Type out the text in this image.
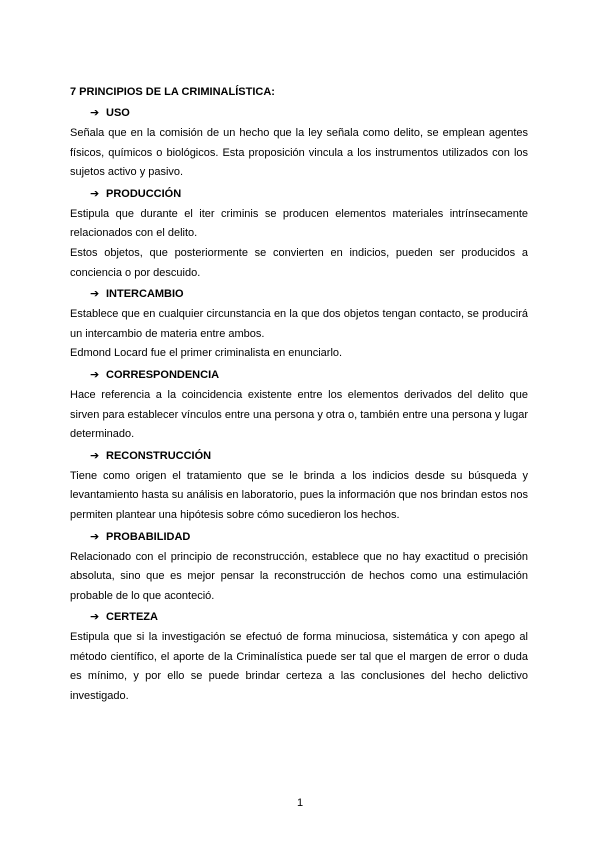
7 PRINCIPIOS DE LA CRIMINALÍSTICA:
➔ USO

Señala que en la comisión de un hecho que la ley señala como delito, se emplean agentes físicos, químicos o biológicos. Esta proposición vincula a los instrumentos utilizados con los sujetos activo y pasivo.

➔ PRODUCCIÓN

Estipula que durante el iter criminis se producen elementos materiales intrínsecamente relacionados con el delito.

Estos objetos, que posteriormente se convierten en indicios, pueden ser producidos a conciencia o por descuido.

➔ INTERCAMBIO

Establece que en cualquier circunstancia en la que dos objetos tengan contacto, se producirá un intercambio de materia entre ambos.

Edmond Locard fue el primer criminalista en enunciarlo.

➔ CORRESPONDENCIA

Hace referencia a la coincidencia existente entre los elementos derivados del delito que sirven para establecer vínculos entre una persona y otra o, también entre una persona y lugar determinado.

➔ RECONSTRUCCIÓN

Tiene como origen el tratamiento que se le brinda a los indicios desde su búsqueda y levantamiento hasta su análisis en laboratorio, pues la información que nos brindan estos nos permiten plantear una hipótesis sobre cómo sucedieron los hechos.

➔ PROBABILIDAD

Relacionado con el principio de reconstrucción, establece que no hay exactitud o precisión absoluta, sino que es mejor pensar la reconstrucción de hechos como una estimulación probable de lo que aconteció.

➔ CERTEZA

Estipula que si la investigación se efectuó de forma minuciosa, sistemática y con apego al método científico, el aporte de la Criminalística puede ser tal que el margen de error o duda es mínimo, y por ello se puede brindar certeza a las conclusiones del hecho delictivo investigado.

1
